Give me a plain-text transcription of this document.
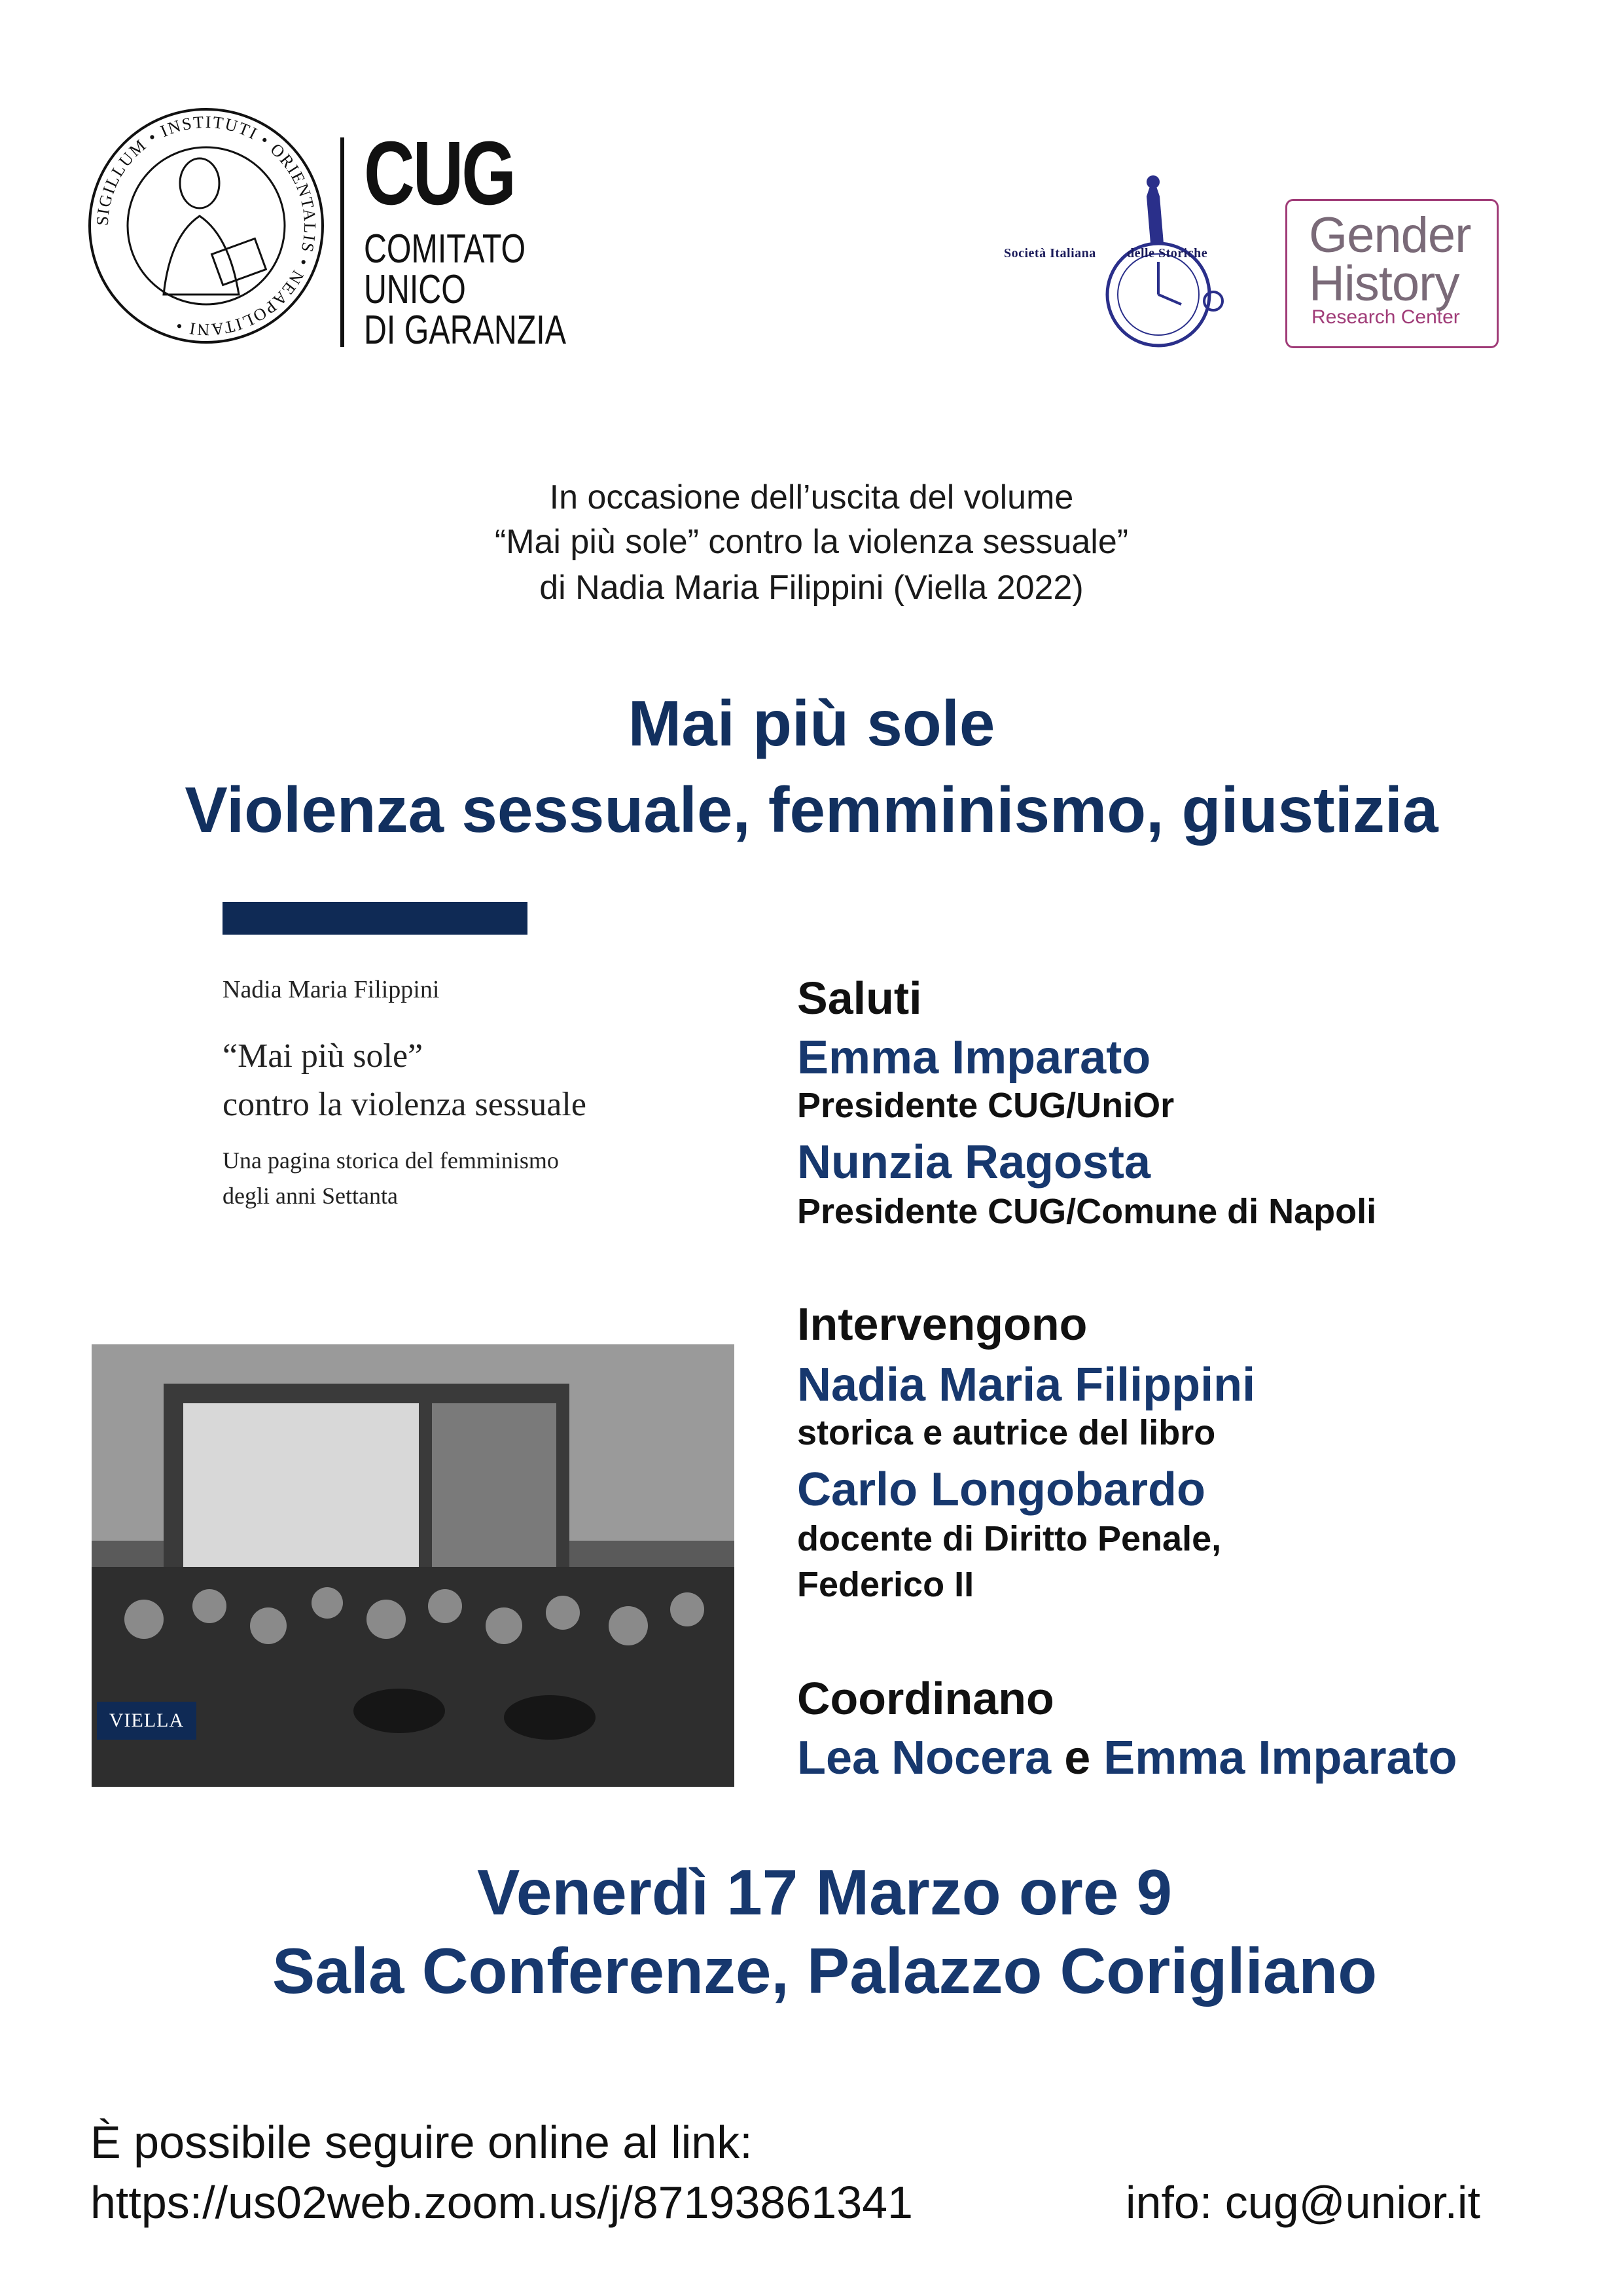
SIGILLUM • INSTITUTI • ORIENTALIS • NEAPOLITANI •
CUG
COMITATO
UNICO
DI GARANZIA
Società Italiana delle Storiche Gender
History
Research Center
In occasione dell’uscita del volume
“Mai più sole” contro la violenza sessuale”
di Nadia Maria Filippini (Viella 2022)
Mai più sole
Violenza sessuale, femminismo, giustizia
Nadia Maria Filippini
“Mai più sole”
contro la violenza sessuale
Una pagina storica del femminismo
degli anni Settanta
VIELLA
Saluti
Emma Imparato
Presidente CUG/UniOr
Nunzia Ragosta
Presidente CUG/Comune di Napoli
Intervengono
Nadia Maria Filippini
storica e autrice del libro
Carlo Longobardo
docente di Diritto Penale,
Federico II
Coordinano
Lea Nocera e Emma Imparato
Venerdì 17 Marzo ore 9
Sala Conferenze, Palazzo Corigliano
È possibile seguire online al link:
https://us02web.zoom.us/j/87193861341	info: cug@unior.it
